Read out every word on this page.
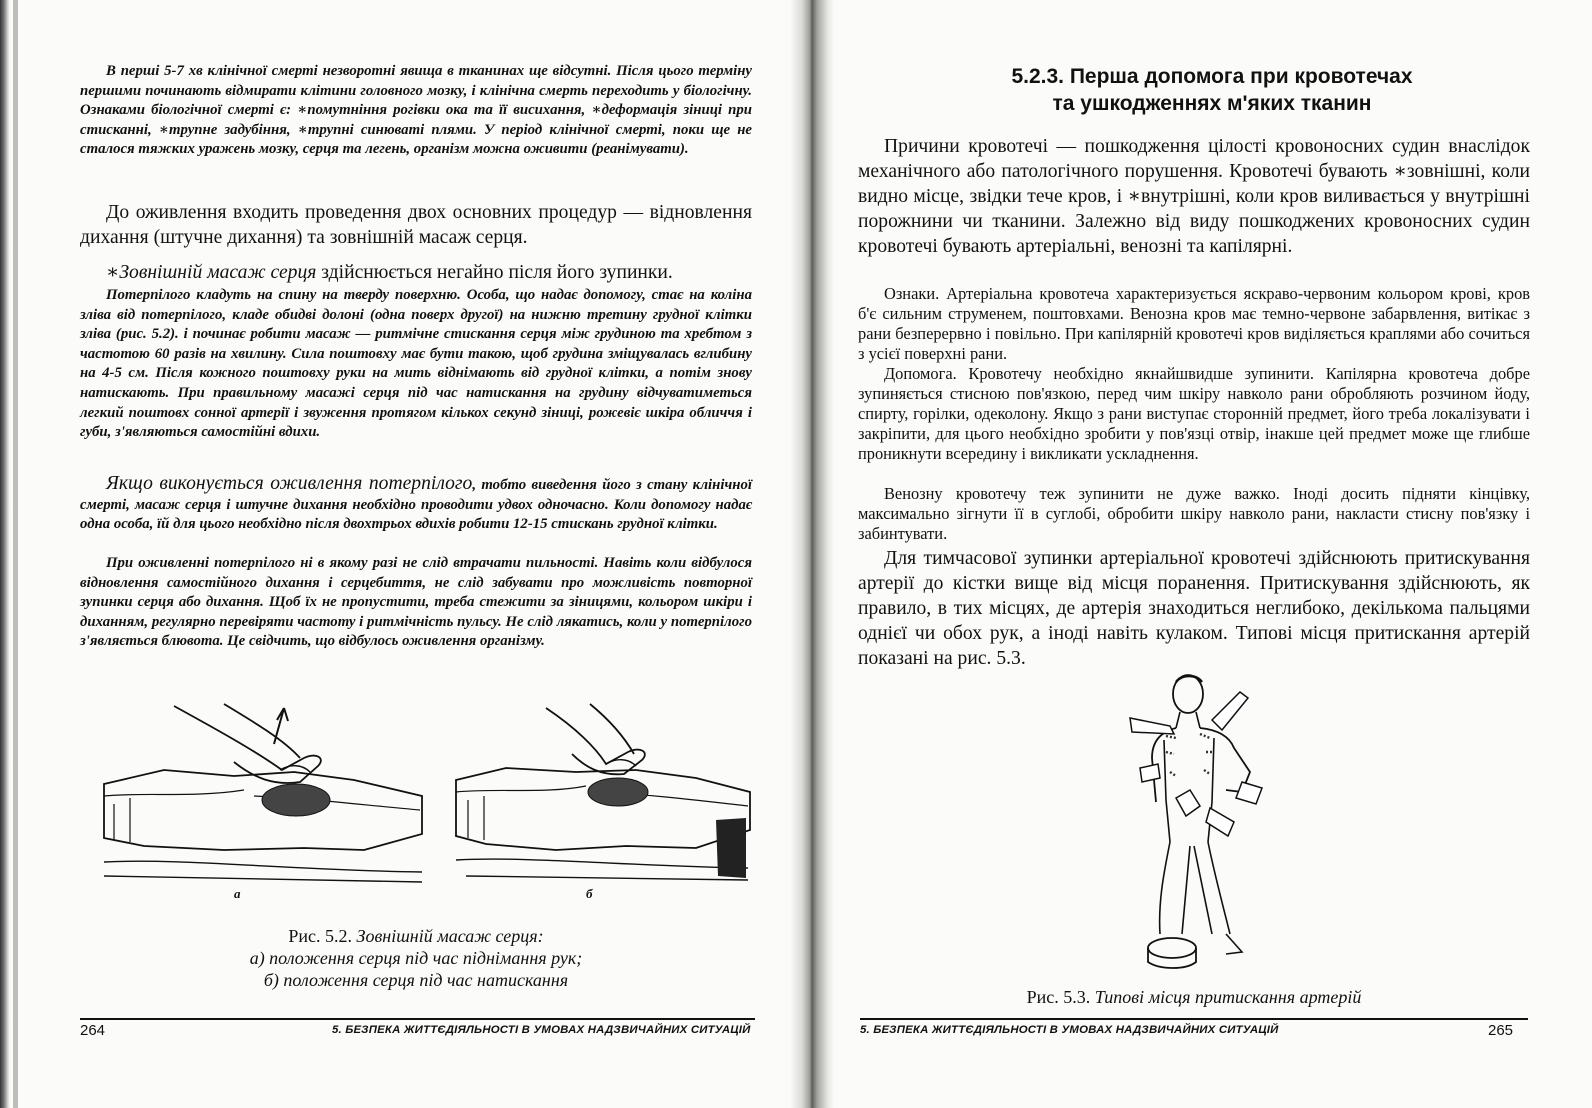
В перші 5-7 хв клінічної смерті незворотні явища в тканинах ще відсутні. Після цього терміну першими починають відмирати клітини головного мозку, і клінічна смерть переходить у біологічну. Ознаками біологічної смерті є: ∗помутніння рогівки ока та її висихання, ∗деформація зіниці при стисканні, ∗трупне задубіння, ∗трупні синюваті плями. У період клінічної смерті, поки ще не сталося тяжких уражень мозку, серця та легень, організм можна оживити (реанімувати).

До оживлення входить проведення двох основних процедур — відновлення дихання (штучне дихання) та зовнішній масаж серця.

∗Зовнішній масаж серця здійснюється негайно після його зупинки.

Потерпілого кладуть на спину на тверду поверхню. Особа, що надає допомогу, стає на коліна зліва від потерпілого, кладе обидві долоні (одна поверх другої) на нижню третину грудної клітки зліва (рис. 5.2). і починає робити масаж — ритмічне стискання серця між грудиною та хребтом з частотою 60 разів на хвилину. Сила поштовху має бути такою, щоб грудина зміщувалась вглибину на 4-5 см. Після кожного поштовху руки на мить віднімають від грудної клітки, а потім знову натискають. При правильному масажі серця під час натискання на грудину відчуватиметься легкий поштовх сонної артерії і звуження протягом кількох секунд зіниці, рожевіє шкіра обличчя і губи, з'являються самостійні вдихи.

Якщо виконується оживлення потерпілого, тобто виведення його з стану клінічної смерті, масаж серця і штучне дихання необхідно проводити удвох одночасно. Коли допомогу надає одна особа, їй для цього необхідно після двохтрьох вдихів робити 12-15 стискань грудної клітки.

При оживленні потерпілого ні в якому разі не слід втрачати пильності. Навіть коли відбулося відновлення самостійного дихання і серцебиття, не слід забувати про можливість повторної зупинки серця або дихання. Щоб їх не пропустити, треба стежити за зіницями, кольором шкіри і диханням, регулярно перевіряти частоту і ритмічність пульсу. Не слід лякатись, коли у потерпілого з'являється блювота. Це свідчить, що відбулось оживлення організму.

а	б
Рис. 5.2. Зовнішній масаж серця:
а) положення серця під час піднімання рук;
б) положення серця під час натискання
264	5. БЕЗПЕКА ЖИТТЄДІЯЛЬНОСТІ В УМОВАХ НАДЗВИЧАЙНИХ СИТУАЦІЙ
5.2.3. Перша допомога при кровотечах
та ушкодженнях м'яких тканин

Причини кровотечі — пошкодження цілості кровоносних судин внаслідок механічного або патологічного порушення. Кровотечі бувають ∗зовнішні, коли видно місце, звідки тече кров, і ∗внутрішні, коли кров виливається у внутрішні порожнини чи тканини. Залежно від виду пошкоджених кровоносних судин кровотечі бувають артеріальні, венозні та капілярні.

Ознаки. Артеріальна кровотеча характеризується яскраво-червоним кольором крові, кров б'є сильним струменем, поштовхами. Венозна кров має темно-червоне забарвлення, витікає з рани безперервно і повільно. При капілярній кровотечі кров виділяється краплями або сочиться з усієї поверхні рани.

Допомога. Кровотечу необхідно якнайшвидше зупинити. Капілярна кровотеча добре зупиняється стисною пов'язкою, перед чим шкіру навколо рани обробляють розчином йоду, спирту, горілки, одеколону. Якщо з рани виступає сторонній предмет, його треба локалізувати і закріпити, для цього необхідно зробити у пов'язці отвір, інакше цей предмет може ще глибше проникнути всередину і викликати ускладнення.

Венозну кровотечу теж зупинити не дуже важко. Іноді досить підняти кінцівку, максимально зігнути її в суглобі, обробити шкіру навколо рани, накласти стисну пов'язку і забинтувати.

Для тимчасової зупинки артеріальної кровотечі здійснюють притискування артерії до кістки вище від місця поранення. Притискування здійснюють, як правило, в тих місцях, де артерія знаходиться неглибоко, декількома пальцями однієї чи обох рук, а іноді навіть кулаком. Типові місця притискання артерій показані на рис. 5.3.

Рис. 5.3. Типові місця притискання артерій
5. БЕЗПЕКА ЖИТТЄДІЯЛЬНОСТІ В УМОВАХ НАДЗВИЧАЙНИХ СИТУАЦІЙ	265
